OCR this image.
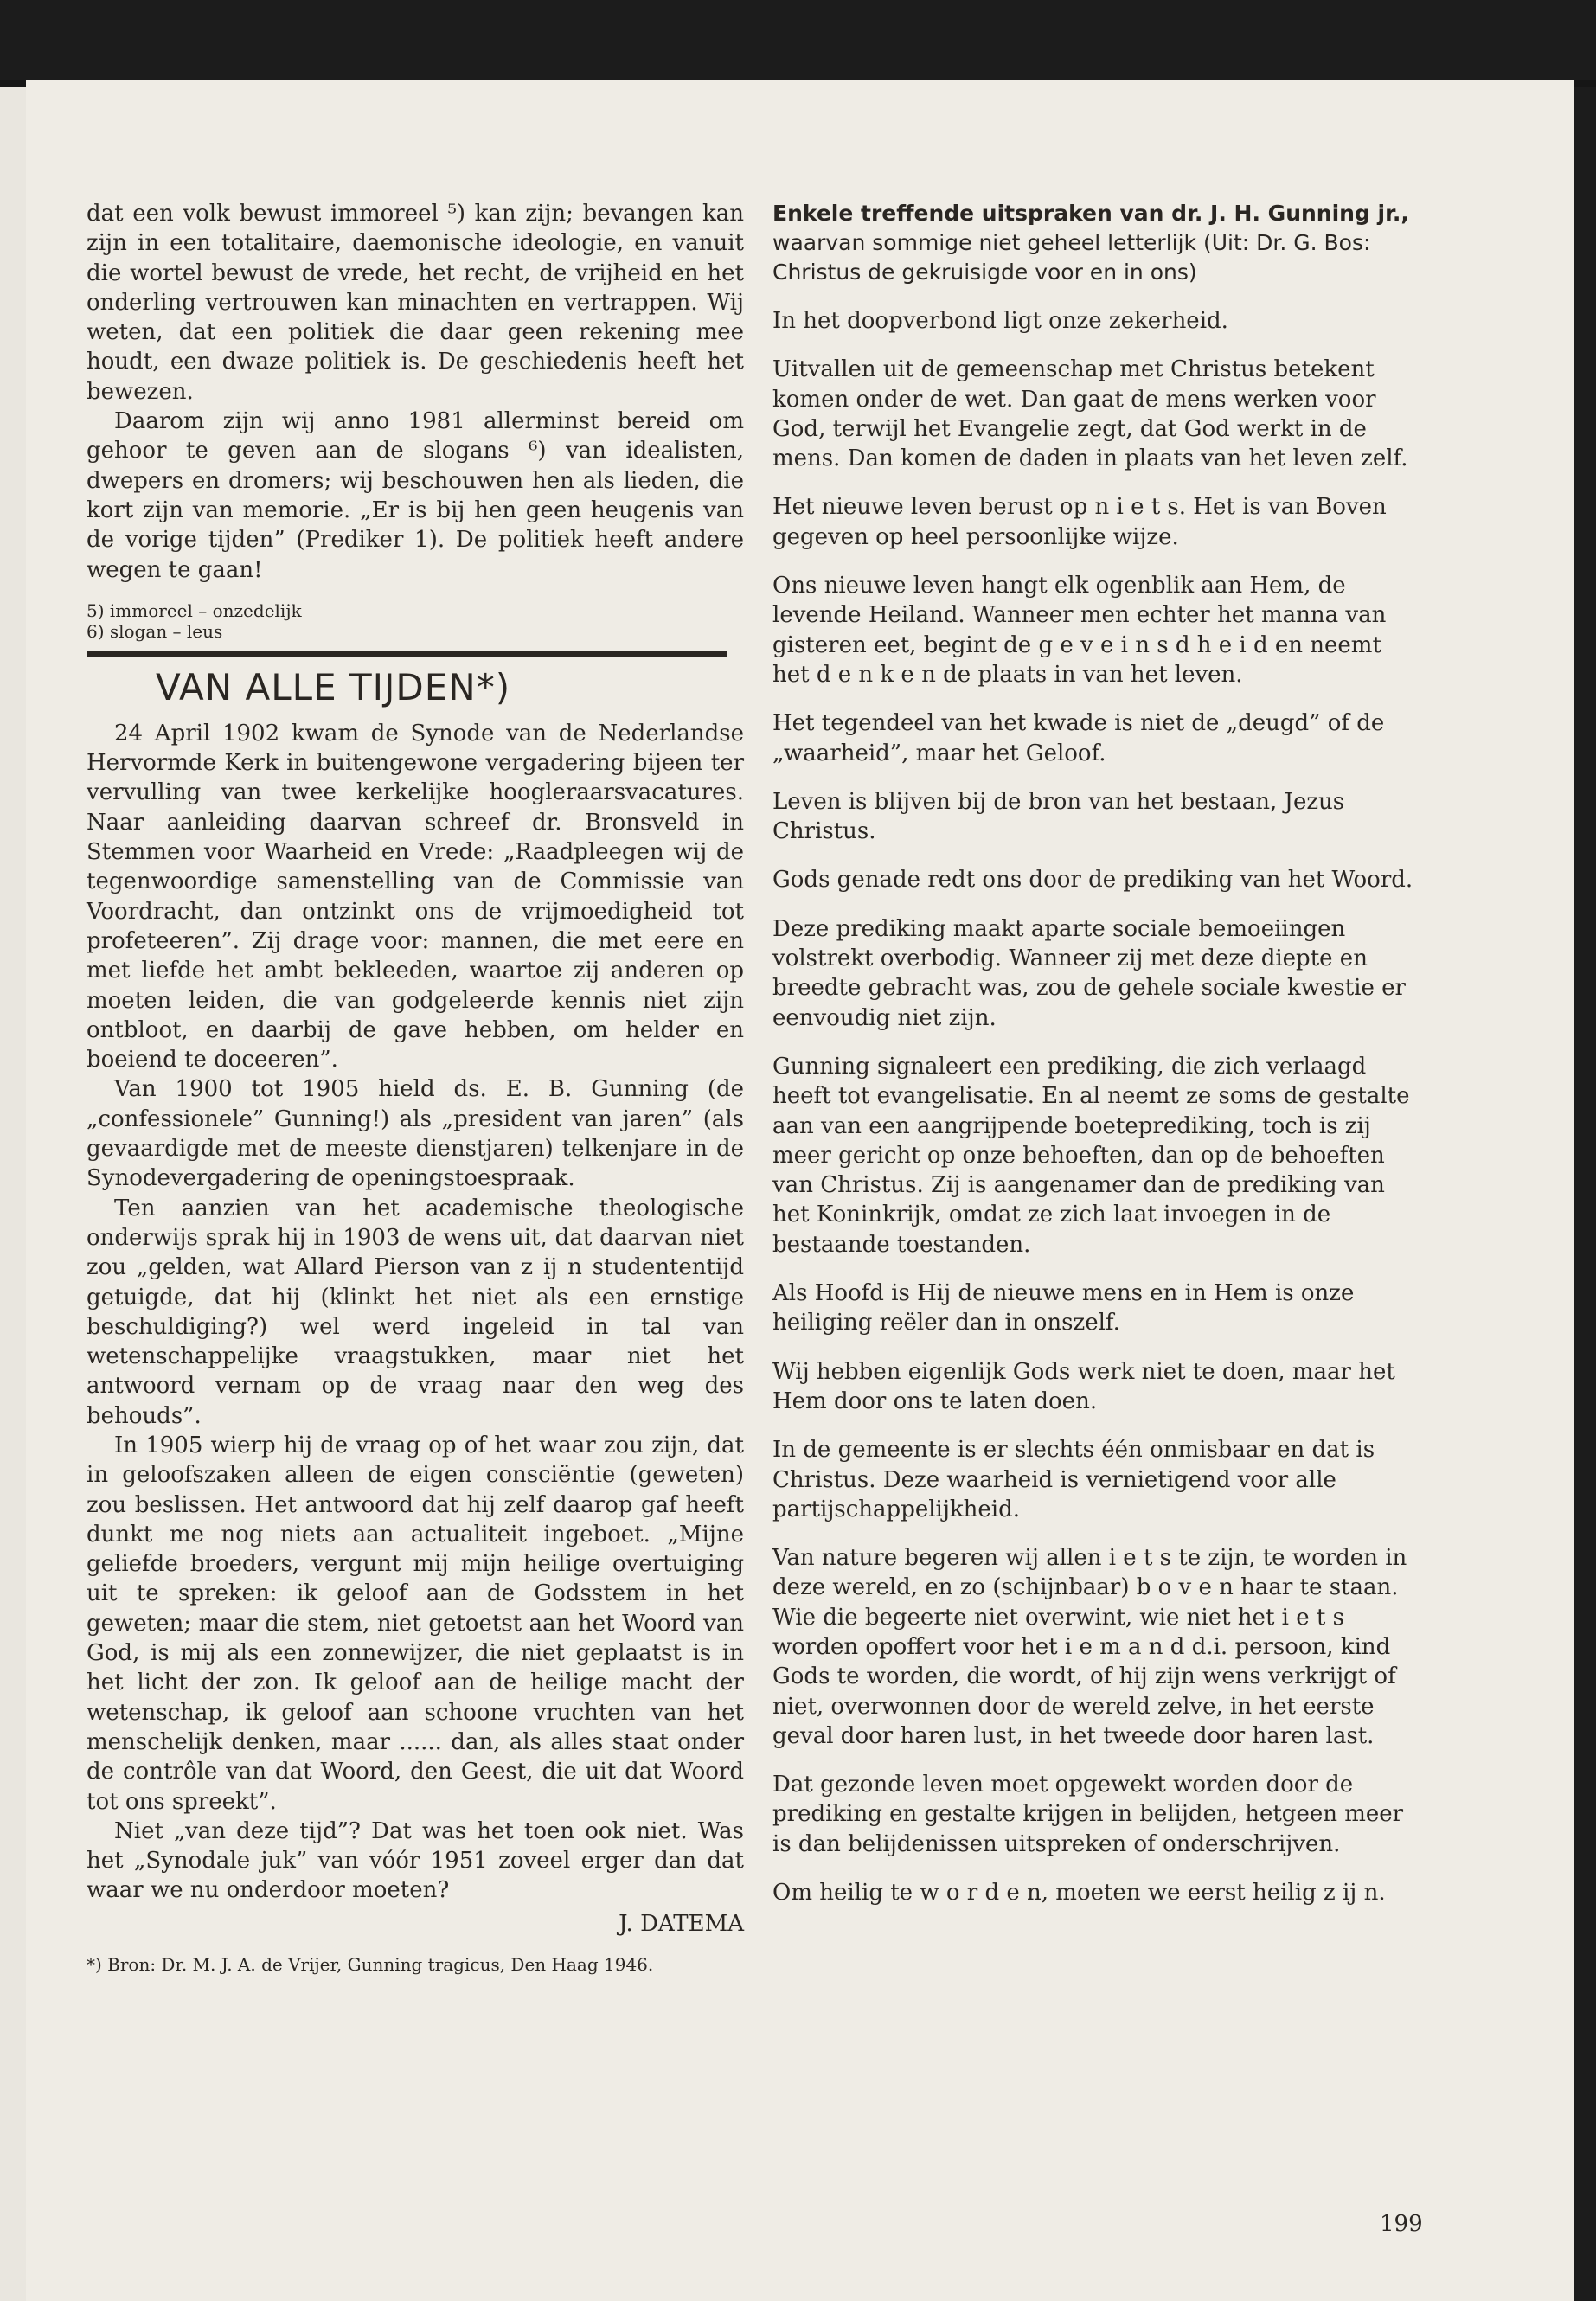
dat een volk bewust immoreel ⁵) kan zijn; bevangen kan zijn in een totalitaire, daemonische ideologie, en vanuit die wortel bewust de vrede, het recht, de vrijheid en het onderling vertrouwen kan minachten en vertrappen. Wij weten, dat een politiek die daar geen rekening mee houdt, een dwaze politiek is. De geschiedenis heeft het bewezen.

Daarom zijn wij anno 1981 allerminst bereid om gehoor te geven aan de slogans ⁶) van idealisten, dwepers en dromers; wij beschouwen hen als lieden, die kort zijn van memorie. „Er is bij hen geen heugenis van de vorige tijden” (Prediker 1). De politiek heeft andere wegen te gaan!

5) immoreel – onzedelijk
6) slogan – leus
VAN ALLE TIJDEN*)

24 April 1902 kwam de Synode van de Nederlandse Hervormde Kerk in buitengewone vergadering bijeen ter vervulling van twee kerkelijke hoogleraarsvacatures. Naar aanleiding daarvan schreef dr. Bronsveld in Stemmen voor Waarheid en Vrede: „Raadpleegen wij de tegenwoordige samenstelling van de Commissie van Voordracht, dan ontzinkt ons de vrijmoedigheid tot profeteeren”. Zij drage voor: mannen, die met eere en met liefde het ambt bekleeden, waartoe zij anderen op moeten leiden, die van godgeleerde kennis niet zijn ontbloot, en daarbij de gave hebben, om helder en boeiend te doceeren”.

Van 1900 tot 1905 hield ds. E. B. Gunning (de „confessionele” Gunning!) als „president van jaren” (als gevaardigde met de meeste dienstjaren) telkenjare in de Synodevergadering de openingstoespraak.

Ten aanzien van het academische theologische onderwijs sprak hij in 1903 de wens uit, dat daarvan niet zou „gelden, wat Allard Pierson van z ij n studententijd getuigde, dat hij (klinkt het niet als een ernstige beschuldiging?) wel werd ingeleid in tal van wetenschappelijke vraagstukken, maar niet het antwoord vernam op de vraag naar den weg des behouds”.

In 1905 wierp hij de vraag op of het waar zou zijn, dat in geloofszaken alleen de eigen consciëntie (geweten) zou beslissen. Het antwoord dat hij zelf daarop gaf heeft dunkt me nog niets aan actualiteit ingeboet. „Mijne geliefde broeders, vergunt mij mijn heilige overtuiging uit te spreken: ik geloof aan de Godsstem in het geweten; maar die stem, niet getoetst aan het Woord van God, is mij als een zonnewijzer, die niet geplaatst is in het licht der zon. Ik geloof aan de heilige macht der wetenschap, ik geloof aan schoone vruchten van het menschelijk denken, maar ...... dan, als alles staat onder de contrôle van dat Woord, den Geest, die uit dat Woord tot ons spreekt”.

Niet „van deze tijd”? Dat was het toen ook niet. Was het „Synodale juk” van vóór 1951 zoveel erger dan dat waar we nu onderdoor moeten?

J. DATEMA
*) Bron: Dr. M. J. A. de Vrijer, Gunning tragicus, Den Haag 1946.
Enkele treffende uitspraken van dr. J. H. Gunning jr.,
waarvan sommige niet geheel letterlijk (Uit: Dr. G. Bos: Christus de gekruisigde voor en in ons)

In het doopverbond ligt onze zekerheid.

Uitvallen uit de gemeenschap met Christus betekent komen onder de wet. Dan gaat de mens werken voor God, terwijl het Evangelie zegt, dat God werkt in de mens. Dan komen de daden in plaats van het leven zelf.

Het nieuwe leven berust op n i e t s. Het is van Boven gegeven op heel persoonlijke wijze.

Ons nieuwe leven hangt elk ogenblik aan Hem, de levende Heiland. Wanneer men echter het manna van gisteren eet, begint de g e v e i n s d h e i d en neemt het d e n k e n de plaats in van het leven.

Het tegendeel van het kwade is niet de „deugd” of de „waarheid”, maar het Geloof.

Leven is blijven bij de bron van het bestaan, Jezus Christus.

Gods genade redt ons door de prediking van het Woord.

Deze prediking maakt aparte sociale bemoeiingen volstrekt overbodig. Wanneer zij met deze diepte en breedte gebracht was, zou de gehele sociale kwestie er eenvoudig niet zijn.

Gunning signaleert een prediking, die zich verlaagd heeft tot evangelisatie. En al neemt ze soms de gestalte aan van een aangrijpende boeteprediking, toch is zij meer gericht op onze behoeften, dan op de behoeften van Christus. Zij is aangenamer dan de prediking van het Koninkrijk, omdat ze zich laat invoegen in de bestaande toestanden.

Als Hoofd is Hij de nieuwe mens en in Hem is onze heiliging reëler dan in onszelf.

Wij hebben eigenlijk Gods werk niet te doen, maar het Hem door ons te laten doen.

In de gemeente is er slechts één onmisbaar en dat is Christus. Deze waarheid is vernietigend voor alle partijschappelijkheid.

Van nature begeren wij allen i e t s te zijn, te worden in deze wereld, en zo (schijnbaar) b o v e n haar te staan. Wie die begeerte niet overwint, wie niet het i e t s worden opoffert voor het i e m a n d d.i. persoon, kind Gods te worden, die wordt, of hij zijn wens verkrijgt of niet, overwonnen door de wereld zelve, in het eerste geval door haren lust, in het tweede door haren last.

Dat gezonde leven moet opgewekt worden door de prediking en gestalte krijgen in belijden, hetgeen meer is dan belijdenissen uitspreken of onderschrijven.

Om heilig te w o r d e n, moeten we eerst heilig z ij n.

199
